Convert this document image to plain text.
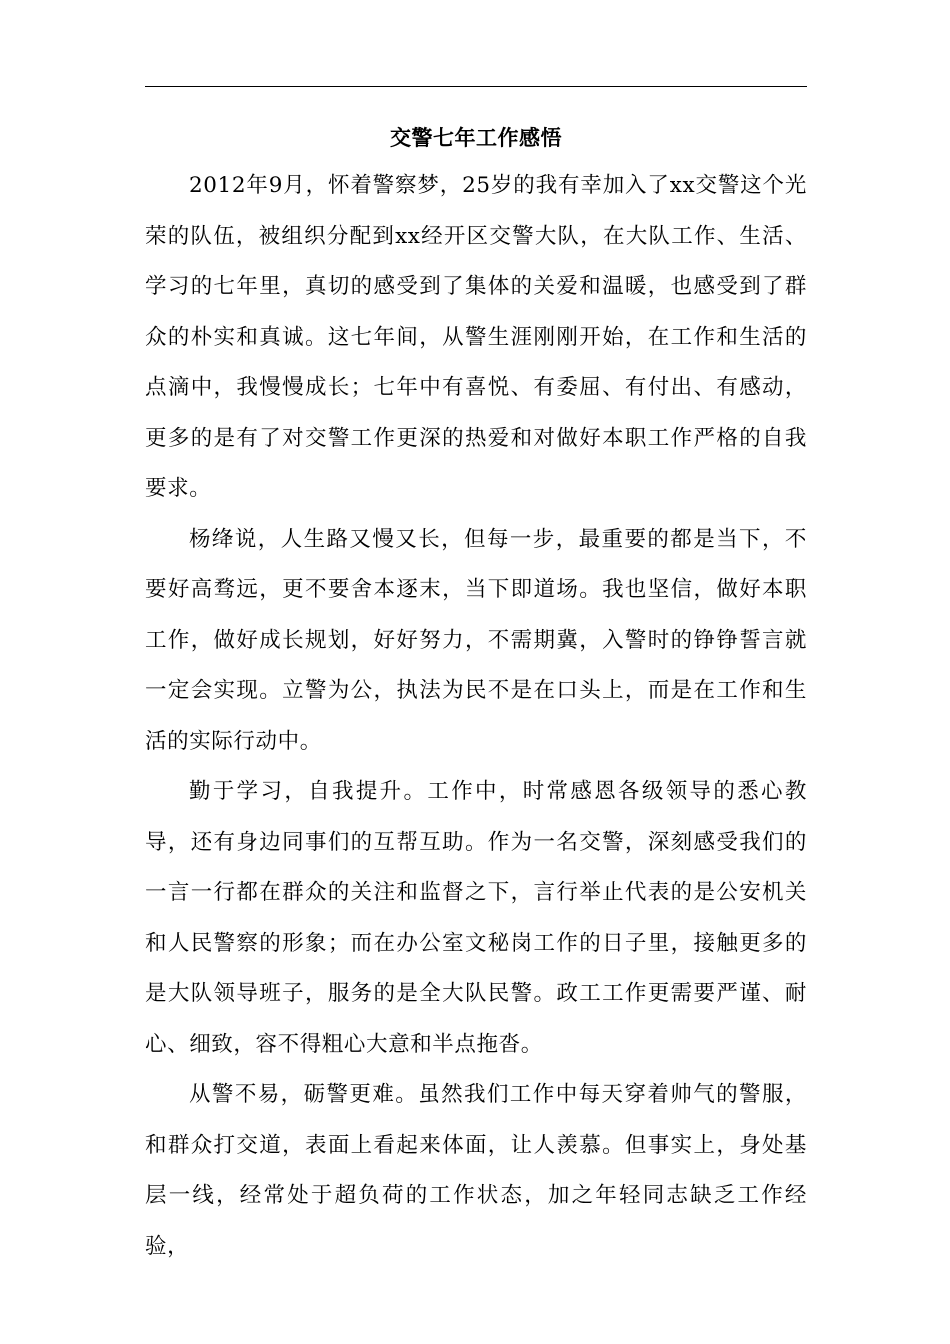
交警七年工作感悟

2012年9月，怀着警察梦，25岁的我有幸加入了xx交警这个光荣的队伍，被组织分配到xx经开区交警大队，在大队工作、生活、学习的七年里，真切的感受到了集体的关爱和温暖，也感受到了群众的朴实和真诚。这七年间，从警生涯刚刚开始，在工作和生活的点滴中，我慢慢成长；七年中有喜悦、有委屈、有付出、有感动，更多的是有了对交警工作更深的热爱和对做好本职工作严格的自我要求。

杨绛说，人生路又慢又长，但每一步，最重要的都是当下，不要好高骛远，更不要舍本逐末，当下即道场。我也坚信，做好本职工作，做好成长规划，好好努力，不需期冀，入警时的铮铮誓言就一定会实现。立警为公，执法为民不是在口头上，而是在工作和生活的实际行动中。

勤于学习，自我提升。工作中，时常感恩各级领导的悉心教导，还有身边同事们的互帮互助。作为一名交警，深刻感受我们的一言一行都在群众的关注和监督之下，言行举止代表的是公安机关和人民警察的形象；而在办公室文秘岗工作的日子里，接触更多的是大队领导班子，服务的是全大队民警。政工工作更需要严谨、耐心、细致，容不得粗心大意和半点拖沓。

从警不易，砺警更难。虽然我们工作中每天穿着帅气的警服，和群众打交道，表面上看起来体面，让人羡慕。但事实上，身处基层一线，经常处于超负荷的工作状态，加之年轻同志缺乏工作经验，
